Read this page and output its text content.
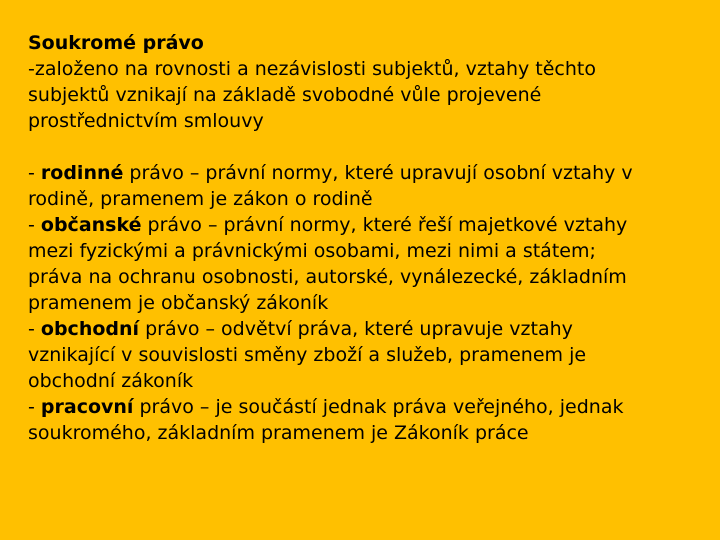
Soukromé právo

-založeno na rovnosti a nezávislosti subjektů, vztahy těchto
subjektů vznikají na základě svobodné vůle projevené
prostřednictvím smlouvy

- rodinné právo – právní normy, které upravují osobní vztahy v
rodině, pramenem je zákon o rodině

- občanské právo – právní normy, které řeší majetkové vztahy
mezi fyzickými a právnickými osobami, mezi nimi a státem;
práva na ochranu osobnosti, autorské, vynálezecké, základním
pramenem je občanský zákoník

- obchodní právo – odvětví práva, které upravuje vztahy
vznikající v souvislosti směny zboží a služeb, pramenem je
obchodní zákoník

- pracovní právo – je součástí jednak práva veřejného, jednak
soukromého, základním pramenem je Zákoník práce
